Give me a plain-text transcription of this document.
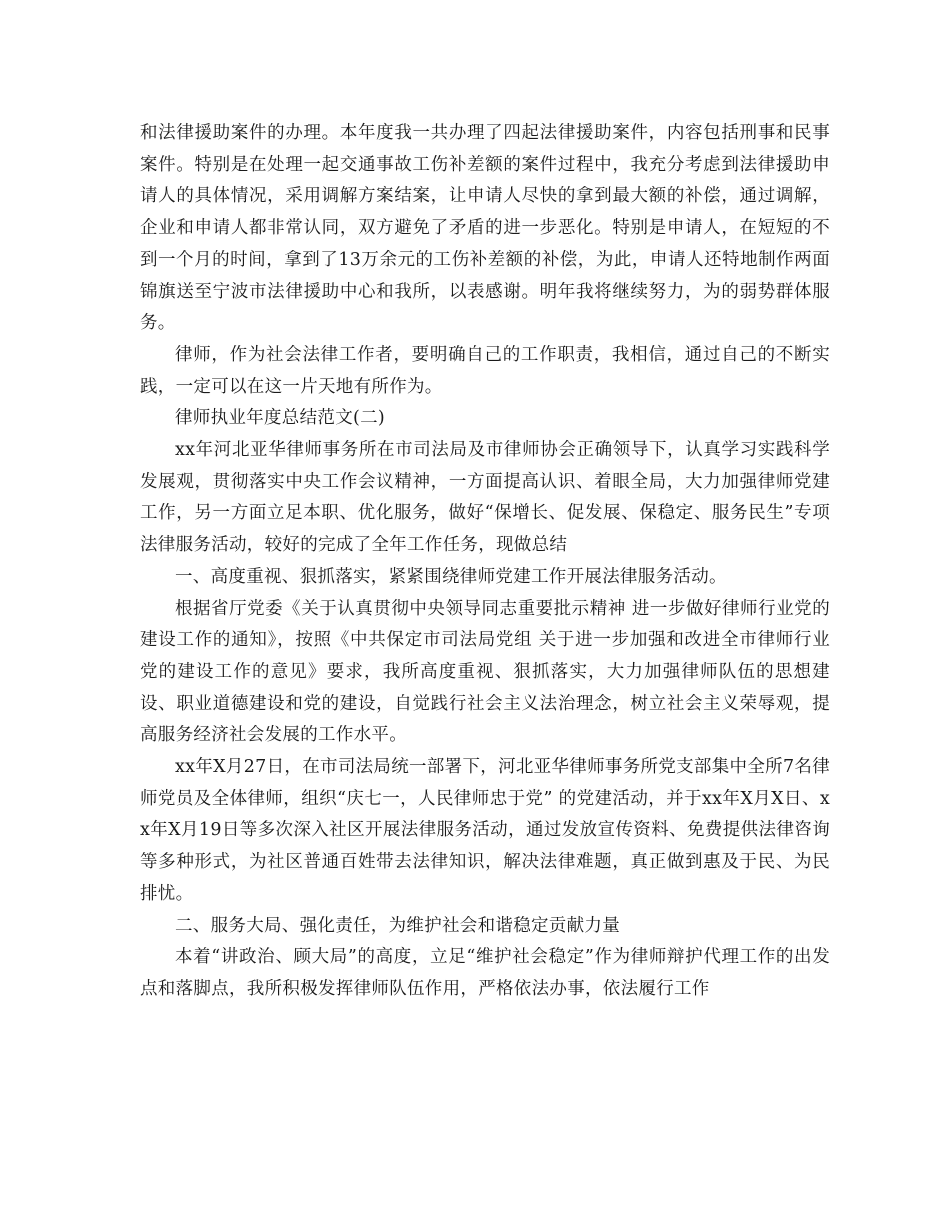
和法律援助案件的办理。本年度我一共办理了四起法律援助案件，内容包括刑事和民事案件。特别是在处理一起交通事故工伤补差额的案件过程中，我充分考虑到法律援助申请人的具体情况，采用调解方案结案，让申请人尽快的拿到最大额的补偿，通过调解，企业和申请人都非常认同，双方避免了矛盾的进一步恶化。特别是申请人，在短短的不到一个月的时间，拿到了13万余元的工伤补差额的补偿，为此，申请人还特地制作两面锦旗送至宁波市法律援助中心和我所，以表感谢。明年我将继续努力，为的弱势群体服务。

律师，作为社会法律工作者，要明确自己的工作职责，我相信，通过自己的不断实践，一定可以在这一片天地有所作为。

律师执业年度总结范文(二)

xx年河北亚华律师事务所在市司法局及市律师协会正确领导下，认真学习实践科学发展观，贯彻落实中央工作会议精神，一方面提高认识、着眼全局，大力加强律师党建工作，另一方面立足本职、优化服务，做好“保增长、促发展、保稳定、服务民生”专项法律服务活动，较好的完成了全年工作任务，现做总结

一、高度重视、狠抓落实，紧紧围绕律师党建工作开展法律服务活动。

根据省厅党委《关于认真贯彻中央领导同志重要批示精神 进一步做好律师行业党的建设工作的通知》，按照《中共保定市司法局党组 关于进一步加强和改进全市律师行业党的建设工作的意见》要求，我所高度重视、狠抓落实，大力加强律师队伍的思想建设、职业道德建设和党的建设，自觉践行社会主义法治理念，树立社会主义荣辱观，提高服务经济社会发展的工作水平。

xx年X月27日，在市司法局统一部署下，河北亚华律师事务所党支部集中全所7名律师党员及全体律师，组织“庆七一，人民律师忠于党” 的党建活动，并于xx年X月X日、xx年X月19日等多次深入社区开展法律服务活动，通过发放宣传资料、免费提供法律咨询等多种形式，为社区普通百姓带去法律知识，解决法律难题，真正做到惠及于民、为民排忧。

二、服务大局、强化责任，为维护社会和谐稳定贡献力量

本着“讲政治、顾大局”的高度，立足“维护社会稳定”作为律师辩护代理工作的出发点和落脚点，我所积极发挥律师队伍作用，严格依法办事，依法履行工作
